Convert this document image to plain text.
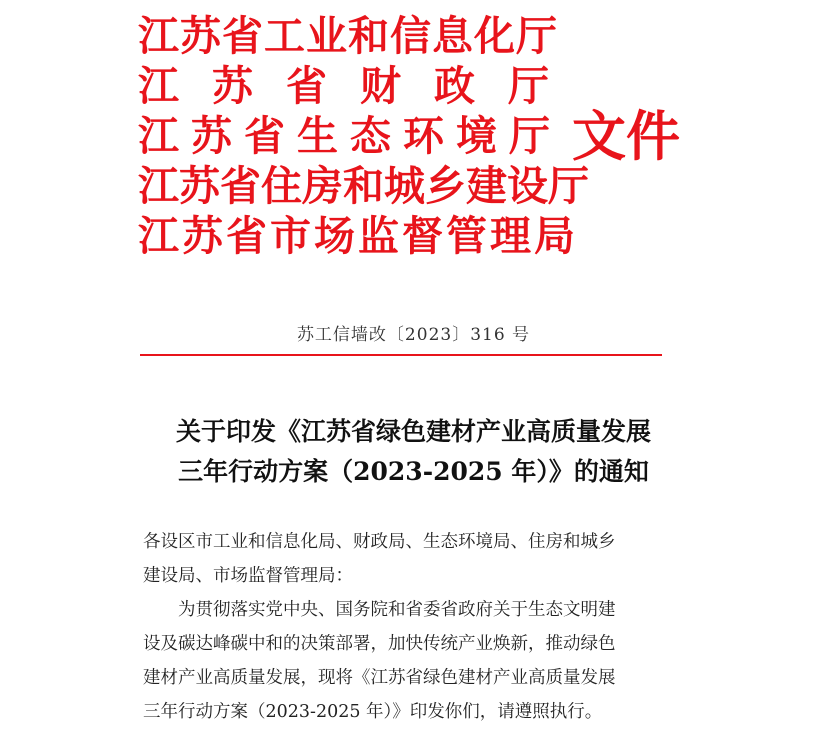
江苏省工业和信息化厅
江苏省财政厅
江苏省生态环境厅
江苏省住房和城乡建设厅
江苏省市场监督管理局
文件
苏工信墙改〔2023〕316 号
关于印发《江苏省绿色建材产业高质量发展
三年行动方案（2023-2025 年）》的通知
各设区市工业和信息化局、财政局、生态环境局、住房和城乡
建设局、市场监督管理局：
为贯彻落实党中央、国务院和省委省政府关于生态文明建
设及碳达峰碳中和的决策部署，加快传统产业焕新，推动绿色
建材产业高质量发展，现将《江苏省绿色建材产业高质量发展
三年行动方案（2023-2025 年）》印发你们，请遵照执行。
